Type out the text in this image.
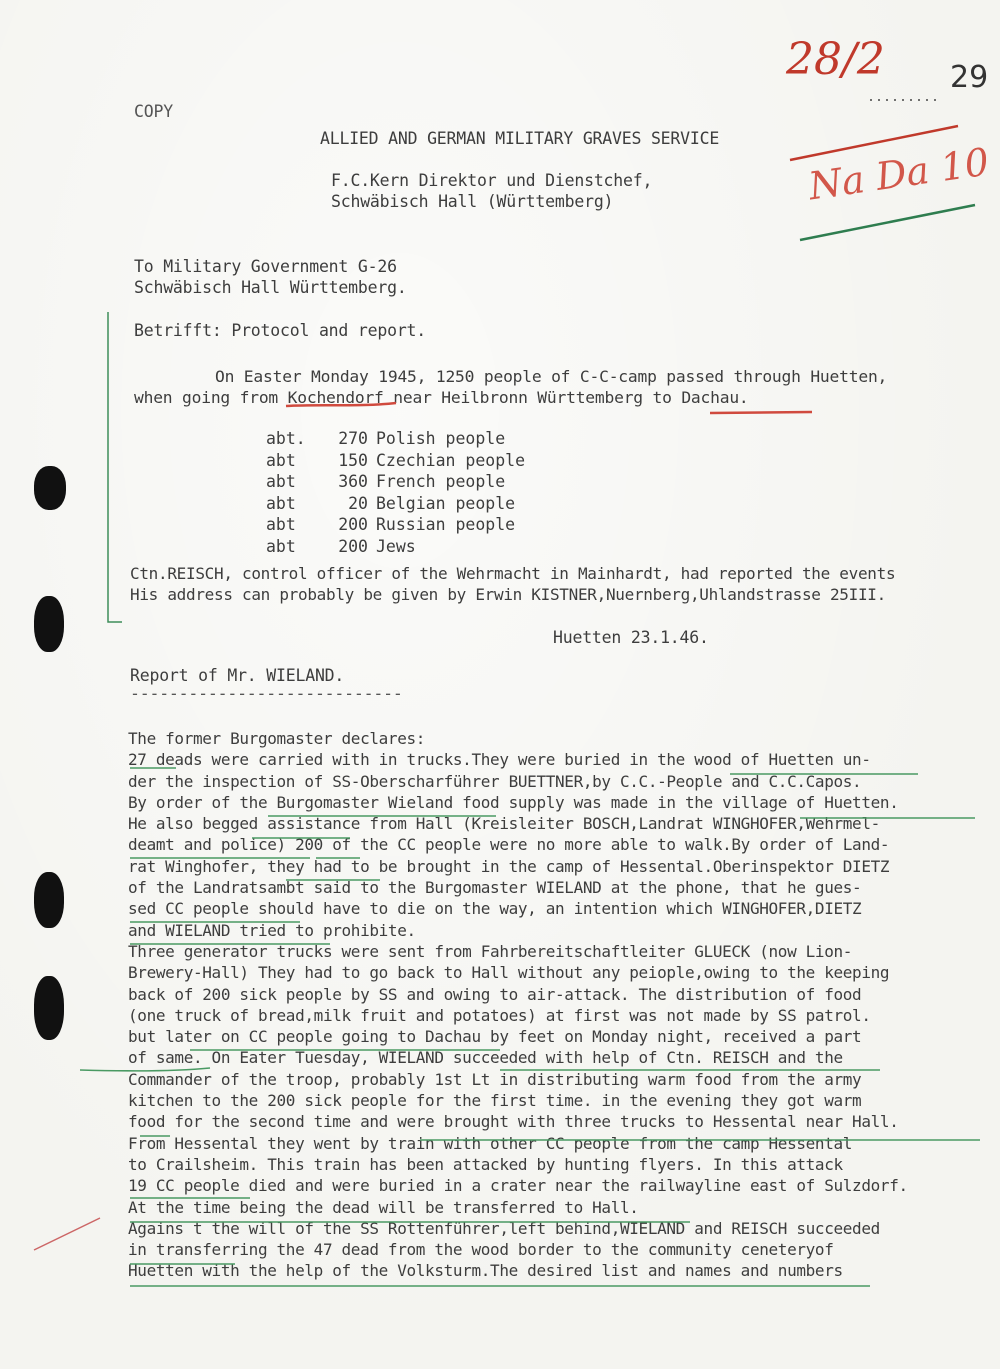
28/2 29
Na Da 10
COPY
ALLIED AND GERMAN MILITARY GRAVES SERVICE
F.C.Kern Direktor und Dienstchef,
Schwäbisch Hall (Württemberg)
To Military Government G-26
Schwäbisch Hall Württemberg.
Betrifft: Protocol and report.
On Easter Monday 1945, 1250 people of C-C-camp passed through Huetten,
when going from Kochendorf near Heilbronn Württemberg to Dachau.
abt.	270 Polish people
abt	150 Czechian people
abt	360 French people
abt	20 Belgian people
abt	200 Russian people
abt	200 Jews
Ctn.REISCH, control officer of the Wehrmacht in Mainhardt, had reported the events
His address can probably be given by Erwin KISTNER,Nuernberg,Uhlandstrasse 25III.
Huetten 23.1.46.
Report of Mr. WIELAND.
----------------------------
The former Burgomaster declares:
27 deads were carried with in trucks.They were buried in the wood of Huetten un-
der the inspection of SS-Oberscharführer BUETTNER,by C.C.-People and C.C.Capos.
By order of the Burgomaster Wieland food supply was made in the village of Huetten.
He also begged assistance from Hall (Kreisleiter BOSCH,Landrat WINGHOFER,Wehrmel-
deamt and police) 200 of the CC people were no more able to walk.By order of Land-
rat Winghofer, they had to be brought in the camp of Hessental.Oberinspektor DIETZ
of the Landratsambt said to the Burgomaster WIELAND at the phone, that he gues-
sed CC people should have to die on the way, an intention which WINGHOFER,DIETZ
and WIELAND tried to prohibite.
Three generator trucks were sent from Fahrbereitschaftleiter GLUECK (now Lion-
Brewery-Hall) They had to go back to Hall without any peiople,owing to the keeping
back of 200 sick people by SS and owing to air-attack. The distribution of food
(one truck of bread,milk fruit and potatoes) at first was not made by SS patrol.
but later on CC people going to Dachau by feet on Monday night, received a part
of same. On Eater Tuesday, WIELAND succeeded with help of Ctn. REISCH and the
Commander of the troop, probably 1st Lt in distributing warm food from the army
kitchen to the 200 sick people for the first time. in the evening they got warm
food for the second time and were brought with three trucks to Hessental near Hall.
From Hessental they went by train with other CC people from the camp Hessental
to Crailsheim. This train has been attacked by hunting flyers. In this attack
19 CC people died and were buried in a crater near the railwayline east of Sulzdorf.
At the time being the dead will be transferred to Hall.
Agains t the will of the SS Rottenführer,left behind,WIELAND and REISCH succeeded
in transferring the 47 dead from the wood border to the community ceneteryof
Huetten with the help of the Volksturm.The desired list and names and numbers
